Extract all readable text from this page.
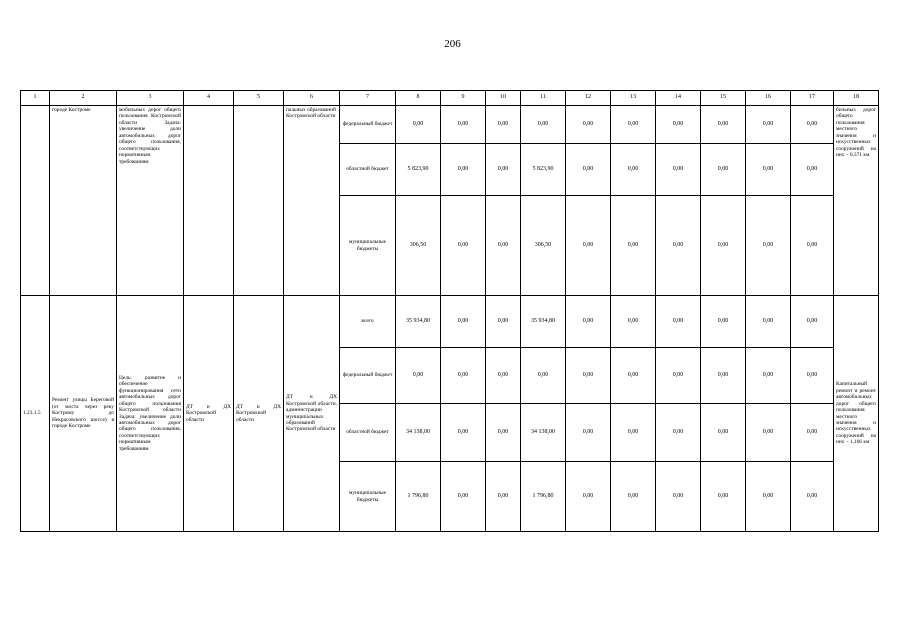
206
1	2	3	4	5	6	7	8	9	10	11	12	13	14	15	16	17	18
	городе Костроме	мобильных дорог общего пользования Костромской области Задача: увеличение доли автомобильных дорог общего пользования, соответствующих нормативным требованиям			пальных образований Костромской области	федеральный бюджет	0,00	0,00	0,00	0,00	0,00	0,00	0,00	0,00	0,00	0,00	бильных дорог общего пользования местного значения и искусственных сооружений на них – 0,371 км
						областной бюджет	5 823,90	0,00	0,00	5 823,90	0,00	0,00	0,00	0,00	0,00	0,00	
						муниципальные бюджеты	306,50	0,00	0,00	306,50	0,00	0,00	0,00	0,00	0,00	0,00	
1.23.1.5	Ремонт улицы Береговой (от моста через реку Кострому до Некрасовского шоссе) в городе Костроме	Цель: развитие и обеспечение функционирования сети автомобильных дорог общего пользования Костромской области Задача: увеличение доли автомобильных дорог общего пользования, соответствующих нормативным требованиям	ДТ и ДХ Костромской области	ДТ и ДХ Костромской области	ДТ и ДХ Костромской области, администрации муниципальных образований Костромской области	всего	35 934,80	0,00	0,00	35 934,80	0,00	0,00	0,00	0,00	0,00	0,00	Капитальный ремонт и ремонт автомобильных дорог общего пользования местного значения и искусственных сооружений на них – 1,166 км
						федеральный бюджет	0,00	0,00	0,00	0,00	0,00	0,00	0,00	0,00	0,00	0,00	
						областной бюджет	34 138,00	0,00	0,00	34 138,00	0,00	0,00	0,00	0,00	0,00	0,00	
						муниципальные бюджеты	1 796,80	0,00	0,00	1 796,80	0,00	0,00	0,00	0,00	0,00	0,00	
